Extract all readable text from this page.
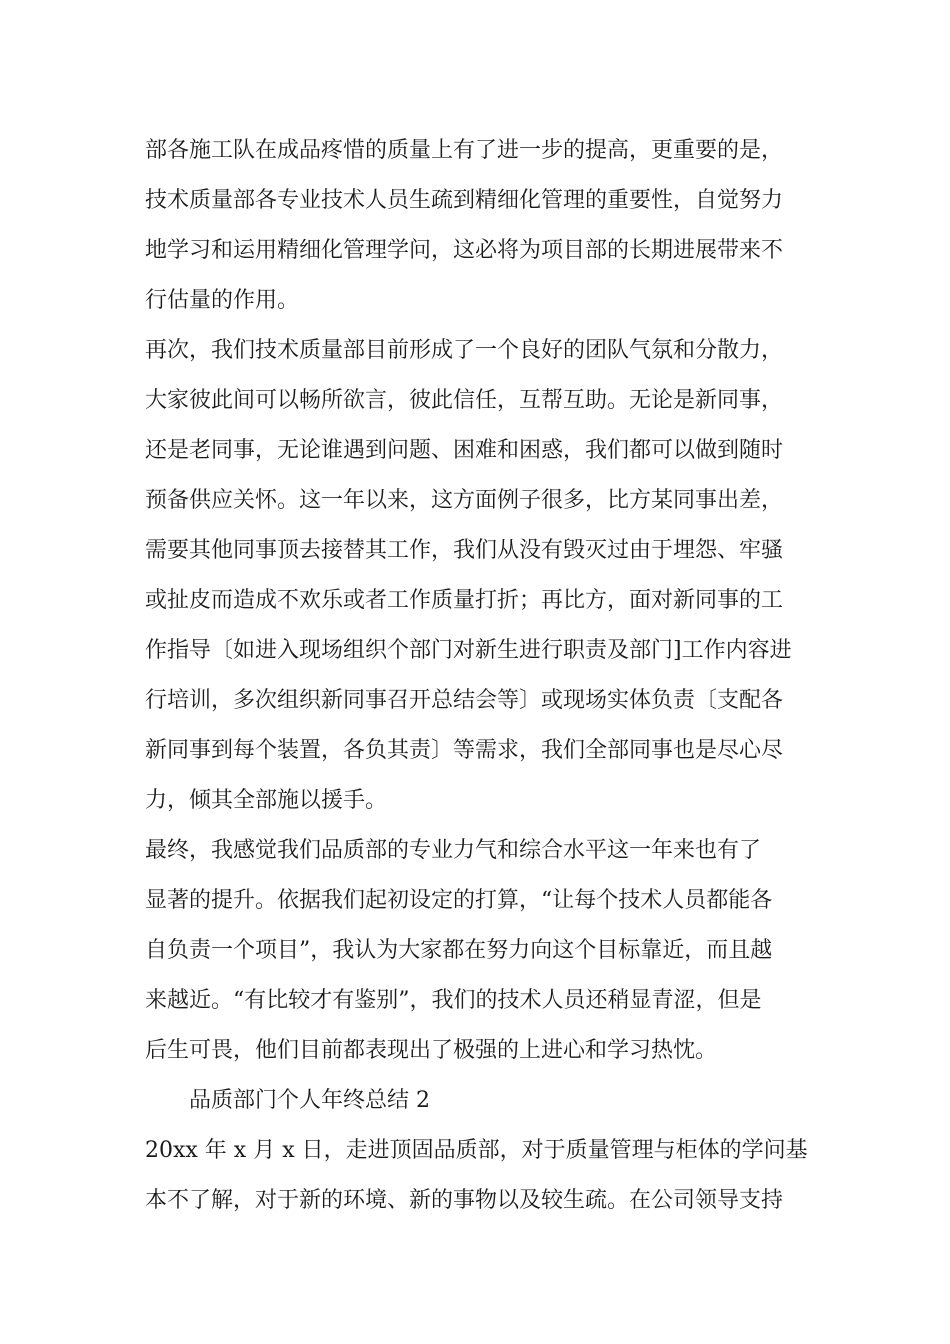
部各施工队在成品疼惜的质量上有了进一步的提高，更重要的是，
技术质量部各专业技术人员生疏到精细化管理的重要性，自觉努力
地学习和运用精细化管理学问，这必将为项目部的长期进展带来不
行估量的作用。
再次，我们技术质量部目前形成了一个良好的团队气氛和分散力，
大家彼此间可以畅所欲言，彼此信任，互帮互助。无论是新同事，
还是老同事，无论谁遇到问题、困难和困惑，我们都可以做到随时
预备供应关怀。这一年以来，这方面例子很多，比方某同事出差，
需要其他同事顶去接替其工作，我们从没有毁灭过由于埋怨、牢骚
或扯皮而造成不欢乐或者工作质量打折；再比方，面对新同事的工
作指导〔如进入现场组织个部门对新生进行职责及部门]工作内容进
行培训，多次组织新同事召开总结会等〕或现场实体负责〔支配各
新同事到每个装置，各负其责〕等需求，我们全部同事也是尽心尽
力，倾其全部施以援手。
最终，我感觉我们品质部的专业力气和综合水平这一年来也有了
显著的提升。依据我们起初设定的打算，“让每个技术人员都能各
自负责一个项目”，我认为大家都在努力向这个目标靠近，而且越
来越近。“有比较才有鉴别”，我们的技术人员还稍显青涩，但是
后生可畏，他们目前都表现出了极强的上进心和学习热忱。
品质部门个人年终总结 2
20xx 年 x 月 x 日，走进顶固品质部，对于质量管理与柜体的学问基
本不了解，对于新的环境、新的事物以及较生疏。在公司领导支持
